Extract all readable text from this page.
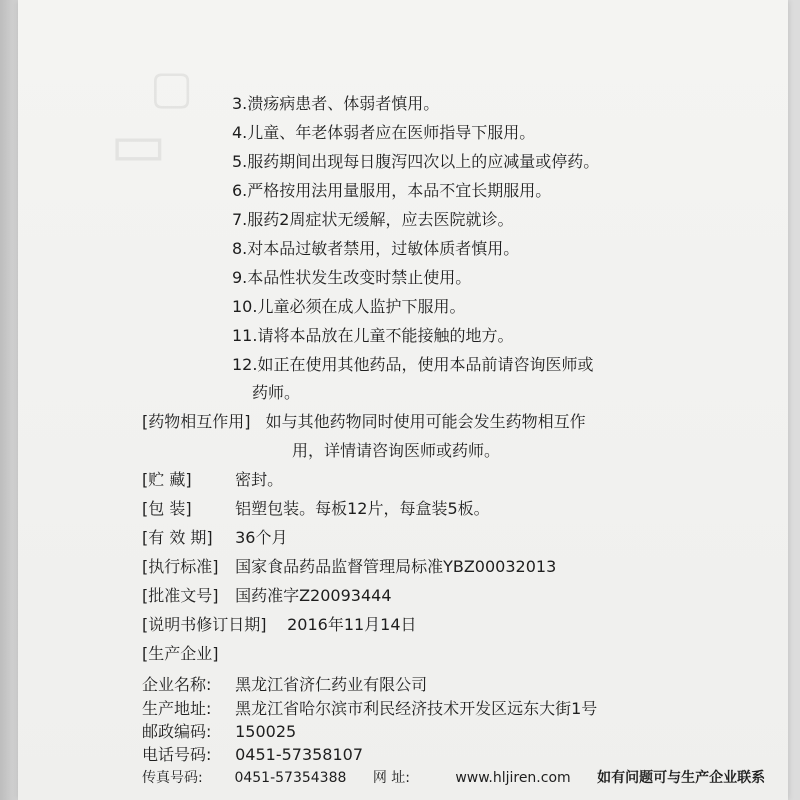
3.溃疡病患者、体弱者慎用。
4.儿童、年老体弱者应在医师指导下服用。
5.服药期间出现每日腹泻四次以上的应减量或停药。
6.严格按用法用量服用，本品不宜长期服用。
7.服药2周症状无缓解，应去医院就诊。
8.对本品过敏者禁用，过敏体质者慎用。
9.本品性状发生改变时禁止使用。
10.儿童必须在成人监护下服用。
11.请将本品放在儿童不能接触的地方。
12.如正在使用其他药品，使用本品前请咨询医师或
药师。
[药物相互作用] 如与其他药物同时使用可能会发生药物相互作
用，详情请咨询医师或药师。
[贮 藏]	密封。
[包 装]	铝塑包装。每板12片，每盒装5板。
[有 效 期] 36个月
[执行标准] 国家食品药品监督管理局标准YBZ00032013
[批准文号] 国药准字Z20093444
[说明书修订日期] 2016年11月14日
[生产企业]
企业名称: 黑龙江省济仁药业有限公司
生产地址: 黑龙江省哈尔滨市利民经济技术开发区远东大街1号
邮政编码: 150025
电话号码: 0451-57358107
传真号码: 0451-57354388 网 址:	www.hljiren.com 如有问题可与生产企业联系
